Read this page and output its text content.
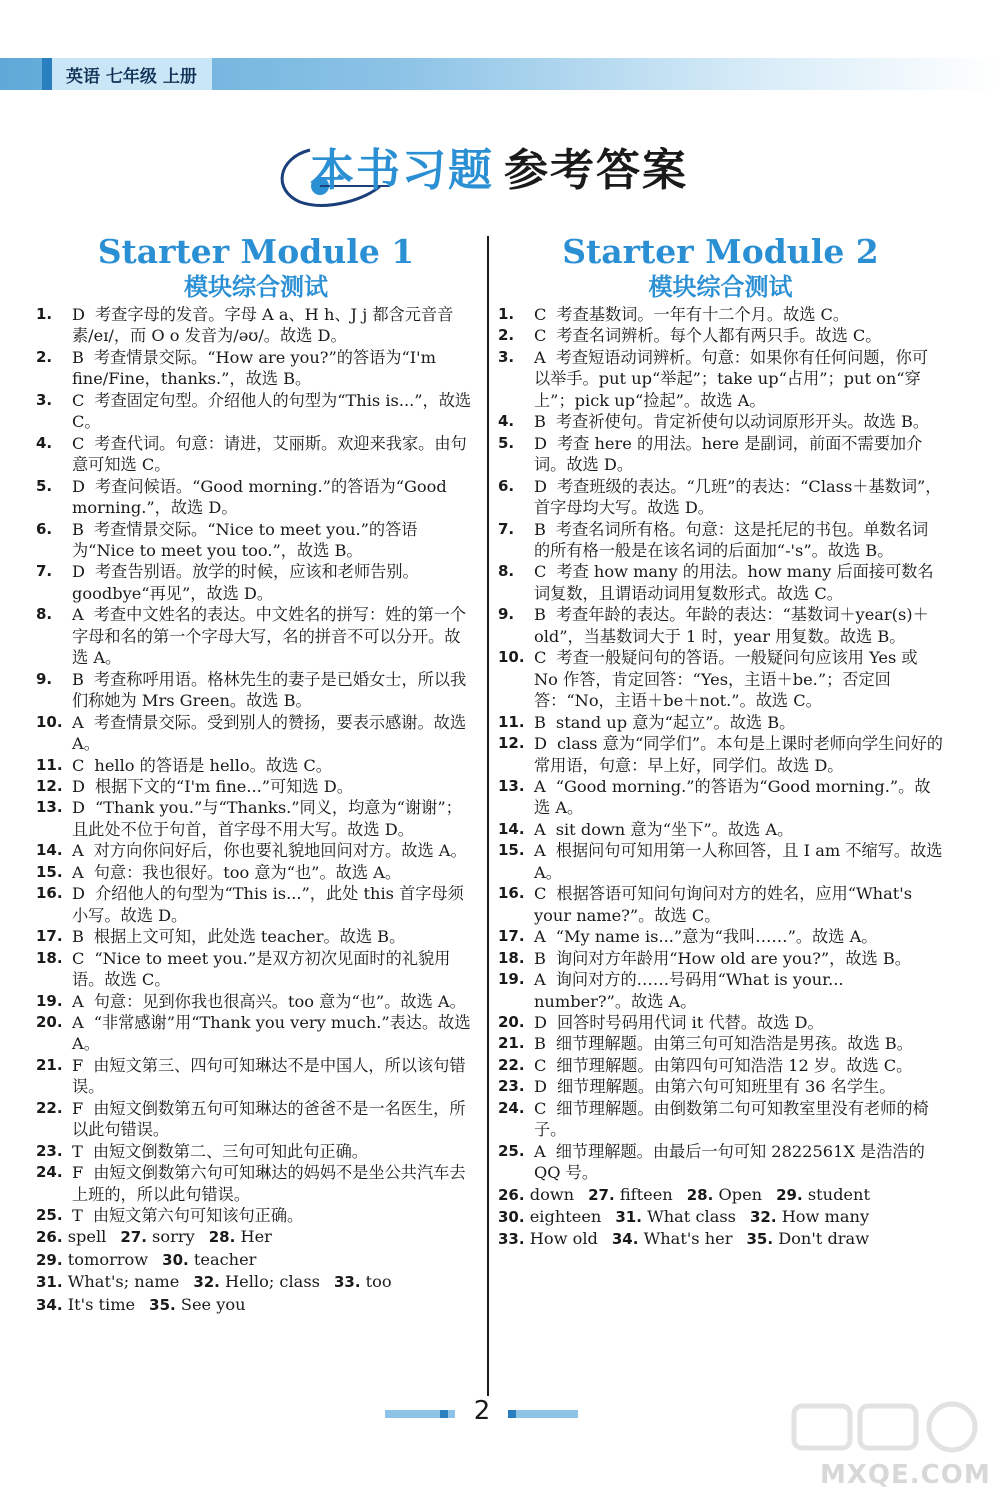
英语 七年级 上册
本书习题 参考答案
Starter Module 1
模块综合测试
1. D 考查字母的发音。字母 A a、H h、J j 都含元音音素/eɪ/，而 O o 发音为/əʊ/。故选 D。
2. B 考查情景交际。“How are you?”的答语为“I'm fine/Fine，thanks.”，故选 B。
3. C 考查固定句型。介绍他人的句型为“This is...”，故选 C。
4. C 考查代词。句意：请进，艾丽斯。欢迎来我家。由句意可知选 C。
5. D 考查问候语。“Good morning.”的答语为“Good morning.”，故选 D。
6. B 考查情景交际。“Nice to meet you.”的答语为“Nice to meet you too.”，故选 B。
7. D 考查告别语。放学的时候，应该和老师告别。goodbye“再见”，故选 D。
8. A 考查中文姓名的表达。中文姓名的拼写：姓的第一个字母和名的第一个字母大写，名的拼音不可以分开。故选 A。
9. B 考查称呼用语。格林先生的妻子是已婚女士，所以我们称她为 Mrs Green。故选 B。
10. A 考查情景交际。受到别人的赞扬，要表示感谢。故选 A。
11. C hello 的答语是 hello。故选 C。
12. D 根据下文的“I'm fine...”可知选 D。
13. D “Thank you.”与“Thanks.”同义，均意为“谢谢”；且此处不位于句首，首字母不用大写。故选 D。
14. A 对方向你问好后，你也要礼貌地回问对方。故选 A。
15. A 句意：我也很好。too 意为“也”。故选 A。
16. D 介绍他人的句型为“This is...”，此处 this 首字母须小写。故选 D。
17. B 根据上文可知，此处选 teacher。故选 B。
18. C “Nice to meet you.”是双方初次见面时的礼貌用语。故选 C。
19. A 句意：见到你我也很高兴。too 意为“也”。故选 A。
20. A “非常感谢”用“Thank you very much.”表达。故选 A。
21. F 由短文第三、四句可知琳达不是中国人，所以该句错误。
22. F 由短文倒数第五句可知琳达的爸爸不是一名医生，所以此句错误。
23. T 由短文倒数第二、三句可知此句正确。
24. F 由短文倒数第六句可知琳达的妈妈不是坐公共汽车去上班的，所以此句错误。
25. T 由短文第六句可知该句正确。
26. spell 27. sorry 28. Her
29. tomorrow 30. teacher
31. What's; name 32. Hello; class 33. too
34. It's time 35. See you
Starter Module 2
模块综合测试
1. C 考查基数词。一年有十二个月。故选 C。
2. C 考查名词辨析。每个人都有两只手。故选 C。
3. A 考查短语动词辨析。句意：如果你有任何问题，你可以举手。put up“举起”；take up“占用”；put on“穿上”；pick up“捡起”。故选 A。
4. B 考查祈使句。肯定祈使句以动词原形开头。故选 B。
5. D 考查 here 的用法。here 是副词，前面不需要加介词。故选 D。
6. D 考查班级的表达。“几班”的表达：“Class＋基数词”，首字母均大写。故选 D。
7. B 考查名词所有格。句意：这是托尼的书包。单数名词的所有格一般是在该名词的后面加“-'s”。故选 B。
8. C 考查 how many 的用法。how many 后面接可数名词复数，且谓语动词用复数形式。故选 C。
9. B 考查年龄的表达。年龄的表达：“基数词＋year(s)＋old”，当基数词大于 1 时，year 用复数。故选 B。
10. C 考查一般疑问句的答语。一般疑问句应该用 Yes 或 No 作答，肯定回答：“Yes，主语＋be.”；否定回答：“No，主语＋be＋not.”。故选 C。
11. B stand up 意为“起立”。故选 B。
12. D class 意为“同学们”。本句是上课时老师向学生问好的常用语，句意：早上好，同学们。故选 D。
13. A “Good morning.”的答语为“Good morning.”。故选 A。
14. A sit down 意为“坐下”。故选 A。
15. A 根据问句可知用第一人称回答，且 I am 不缩写。故选 A。
16. C 根据答语可知问句询问对方的姓名，应用“What's your name?”。故选 C。
17. A “My name is...”意为“我叫……”。故选 A。
18. B 询问对方年龄用“How old are you?”，故选 B。
19. A 询问对方的……号码用“What is your... number?”。故选 A。
20. D 回答时号码用代词 it 代替。故选 D。
21. B 细节理解题。由第三句可知浩浩是男孩。故选 B。
22. C 细节理解题。由第四句可知浩浩 12 岁。故选 C。
23. D 细节理解题。由第六句可知班里有 36 名学生。
24. C 细节理解题。由倒数第二句可知教室里没有老师的椅子。
25. A 细节理解题。由最后一句可知 2822561X 是浩浩的 QQ 号。
26. down 27. fifteen 28. Open 29. student
30. eighteen 31. What class 32. How many
33. How old 34. What's her 35. Don't draw
2
MXQE.COM
